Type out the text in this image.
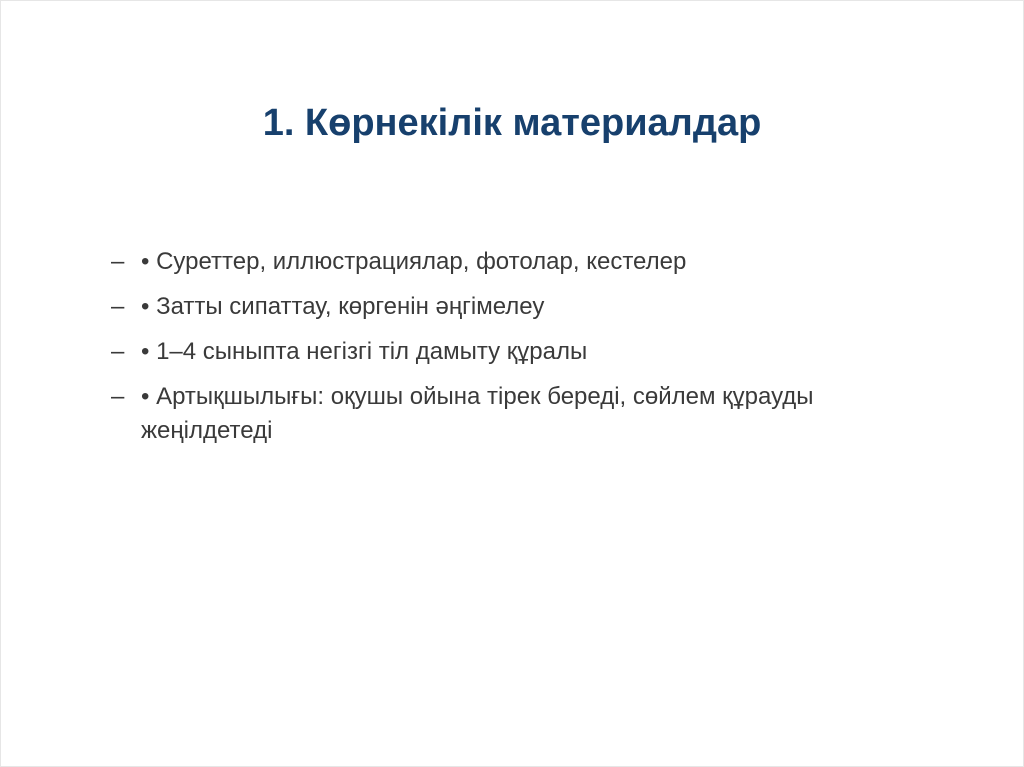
1. Көрнекілік материалдар
– • Суреттер, иллюстрациялар, фотолар, кестелер
– • Затты сипаттау, көргенін әңгімелеу
– • 1–4 сыныпта негізгі тіл дамыту құралы
– • Артықшылығы: оқушы ойына тірек береді, сөйлем құрауды жеңілдетеді
